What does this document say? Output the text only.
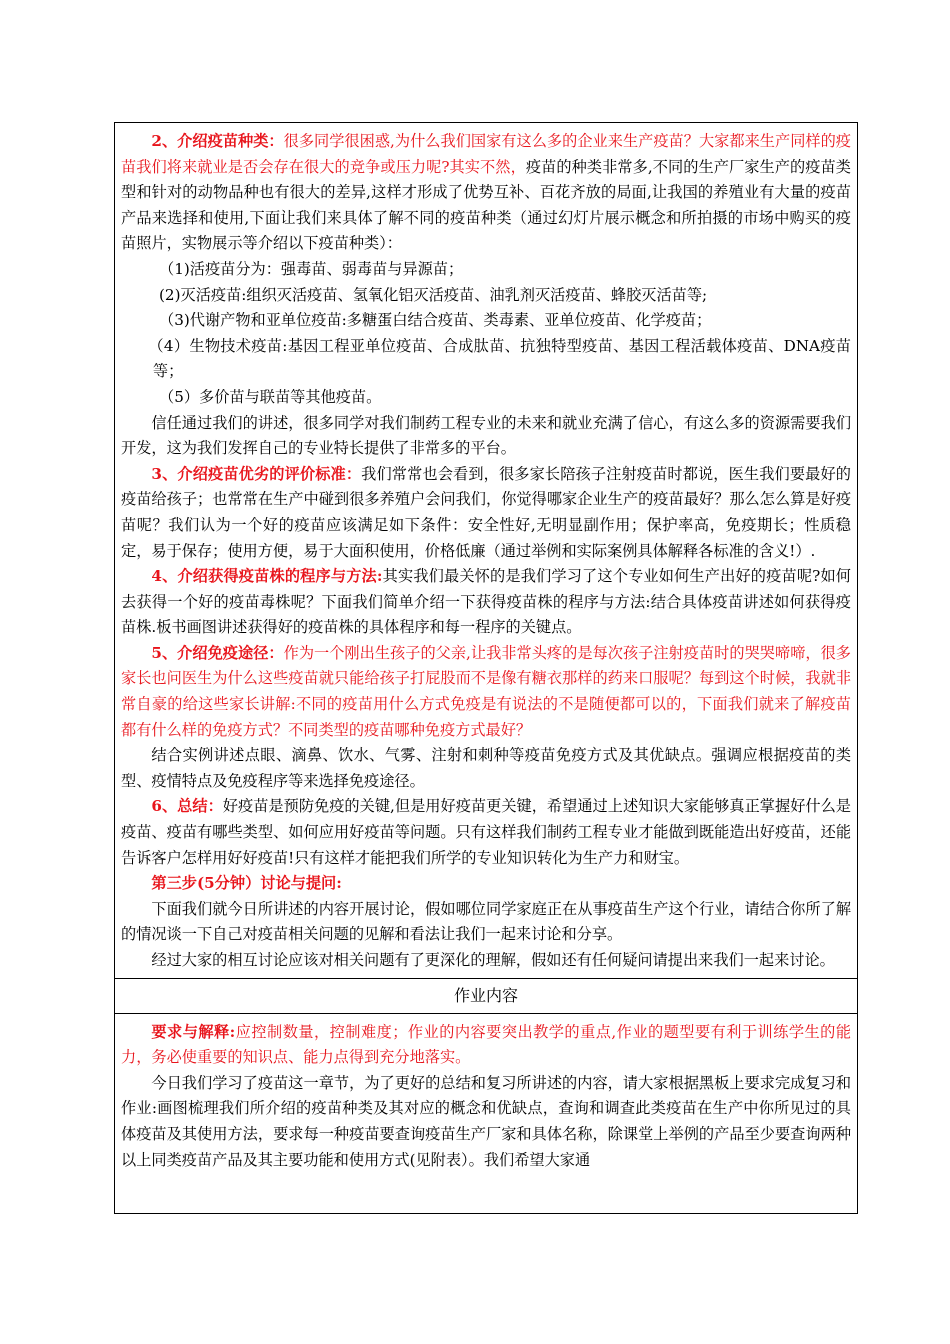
2、介绍疫苗种类：很多同学很困惑,为什么我们国家有这么多的企业来生产疫苗？大家都来生产同样的疫苗我们将来就业是否会存在很大的竞争或压力呢?其实不然，疫苗的种类非常多,不同的生产厂家生产的疫苗类型和针对的动物品种也有很大的差异,这样才形成了优势互补、百花齐放的局面,让我国的养殖业有大量的疫苗产品来选择和使用,下面让我们来具体了解不同的疫苗种类（通过幻灯片展示概念和所拍摄的市场中购买的疫苗照片，实物展示等介绍以下疫苗种类）：

（1)活疫苗分为：强毒苗、弱毒苗与异源苗；

(2)灭活疫苗:组织灭活疫苗、氢氧化铝灭活疫苗、油乳剂灭活疫苗、蜂胶灭活苗等;

（3)代谢产物和亚单位疫苗:多糖蛋白结合疫苗、类毒素、亚单位疫苗、化学疫苗；

（4）生物技术疫苗:基因工程亚单位疫苗、合成肽苗、抗独特型疫苗、基因工程活载体疫苗、DNA疫苗等；

（5）多价苗与联苗等其他疫苗。

信任通过我们的讲述，很多同学对我们制药工程专业的未来和就业充满了信心，有这么多的资源需要我们开发，这为我们发挥自己的专业特长提供了非常多的平台。

3、介绍疫苗优劣的评价标准：我们常常也会看到，很多家长陪孩子注射疫苗时都说，医生我们要最好的疫苗给孩子；也常常在生产中碰到很多养殖户会问我们，你觉得哪家企业生产的疫苗最好？那么怎么算是好疫苗呢？我们认为一个好的疫苗应该满足如下条件：安全性好,无明显副作用；保护率高，免疫期长；性质稳定，易于保存；使用方便，易于大面积使用，价格低廉（通过举例和实际案例具体解释各标准的含义!）.

4、介绍获得疫苗株的程序与方法:其实我们最关怀的是我们学习了这个专业如何生产出好的疫苗呢?如何去获得一个好的疫苗毒株呢？下面我们简单介绍一下获得疫苗株的程序与方法:结合具体疫苗讲述如何获得疫苗株.板书画图讲述获得好的疫苗株的具体程序和每一程序的关键点。

5、介绍免疫途径：作为一个刚出生孩子的父亲,让我非常头疼的是每次孩子注射疫苗时的哭哭啼啼，很多家长也问医生为什么这些疫苗就只能给孩子打屁股而不是像有糖衣那样的药来口服呢？每到这个时候，我就非常自豪的给这些家长讲解:不同的疫苗用什么方式免疫是有说法的不是随便都可以的，下面我们就来了解疫苗都有什么样的免疫方式？不同类型的疫苗哪种免疫方式最好？

结合实例讲述点眼、滴鼻、饮水、气雾、注射和刺种等疫苗免疫方式及其优缺点。强调应根据疫苗的类型、疫情特点及免疫程序等来选择免疫途径。

6、总结：好疫苗是预防免疫的关键,但是用好疫苗更关键，希望通过上述知识大家能够真正掌握好什么是疫苗、疫苗有哪些类型、如何应用好疫苗等问题。只有这样我们制药工程专业才能做到既能造出好疫苗，还能告诉客户怎样用好好疫苗!只有这样才能把我们所学的专业知识转化为生产力和财宝。

第三步(5分钟）讨论与提问:

下面我们就今日所讲述的内容开展讨论，假如哪位同学家庭正在从事疫苗生产这个行业，请结合你所了解的情况谈一下自己对疫苗相关问题的见解和看法让我们一起来讨论和分享。

经过大家的相互讨论应该对相关问题有了更深化的理解，假如还有任何疑问请提出来我们一起来讨论。

作业内容

要求与解释:应控制数量，控制难度；作业的内容要突出教学的重点,作业的题型要有利于训练学生的能力，务必使重要的知识点、能力点得到充分地落实。

今日我们学习了疫苗这一章节，为了更好的总结和复习所讲述的内容，请大家根据黑板上要求完成复习和作业:画图梳理我们所介绍的疫苗种类及其对应的概念和优缺点，查询和调查此类疫苗在生产中你所见过的具体疫苗及其使用方法，要求每一种疫苗要查询疫苗生产厂家和具体名称，除课堂上举例的产品至少要查询两种以上同类疫苗产品及其主要功能和使用方式(见附表）。我们希望大家通
